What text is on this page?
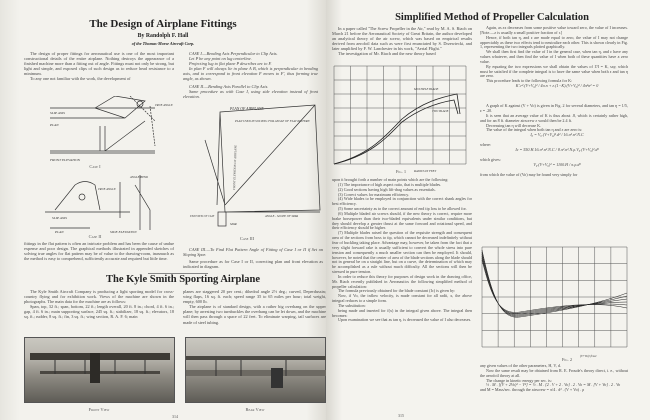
The Design of Airplane Fittings
By Randolph F. Hall
of the Thomas-Morse Aircraft Corp.

The design of proper fittings for aeronautical use is one of the most important constructional details of the entire airplane. Nothing destroys the appearance of a finished machine more than a fitting out of angle. Fittings must not only be strong, but light and simple, and exposed clips of such design as to reduce head resistance to a minimum.

To any one not familiar with the work, the development of

CASE I.—Bending Axis Perpendicular to Clip Axis.

Let P be any point on lug centerline.

Projecting lug to flat plane P describes arc to F.

In plan F will always lie in plane A B, which is perpendicular to bending axis, and to correspond to front elevation F moves to F', thus forming true angle, as shown.

CASE II.—Bending Axis Parallel to Clip Axis.

Same procedure as with Case I, using side elevation instead of front elevation.

SLIP AXIS
PLAN
FRONT ELEVATION
TRUE ANGLE
Case I
SLIP AXIS
PLAN	SIDE ELEVATION
ANGLE BEND
TRUE ANGLE
Case II
PLAN OF AIRPLANE
PLAN USED IN SOLVING FOR ANGLE OF FLAT PATTERN
ANGLE - SLOPE OF SPAR
SPAR
END VIEW OF CLIP
FRONT ELEVATION OF AIRPLANE
Case III

fittings in the flat pattern is often an intricate problem and has been the cause of undue expense and poor design. The graphical methods illustrated in appended sketches of solving true angles for flat pattern may be of value to the drawing-room, inasmuch as the method is easy to comprehend, sufficiently accurate and required but little time.

CASE III.—To Find Flat Pattern Angle of Fitting of Case I or II if Set on Sloping Spar.

Same procedure as for Case I or II, correcting plan and front elevation as indicated in diagram.

The Kyle Smith Sporting Airplane

The Kyle Smith Aircraft Company is producing a light sporting model for cross-country flying and for exhibition work. Views of the machine are shown in the photographs. The main data for the machine are as follows:

Span, top, 32 ft.; span, bottom, 22 ft.; length overall, 20 ft. 8 in.; chord, 4 ft. 6 in.; gap, 4 ft. 6 in.; main supporting surface, 245 sq. ft.; stabilizer, 18 sq. ft.; elevators, 18 sq. ft.; rudder, 8 sq. ft.; fin, 3 sq. ft.; wing section, R. A. F. 6; main

planes are staggered 20 per cent.; dihedral angle 2½ deg.; curved, Deperdussin; wing flaps, 16 sq. ft. each; speed range 35 to 65 miles per hour; total weight, empty, 600 lb.

The airplane is of standard design, with a rather big overhang on the upper plane; by arresting two turnbuckles the overhang can be let down, and the machine will then pass through a space of 22 feet. To eliminate warping, tail surfaces are made of steel tubing.

Front View	Rear View
314
Simplified Method of Propeller Calculation

In a paper called "The Screw Propeller in the Air," read by M. A. S. Riach on March 21 before the Aeronautical Society of Great Britain, the author developed an analytical theory of the air screw, which was based on empirical results derived from aerofoil data such as were first enunciated by S. Drzewiecki, and later amplified by F. W. Lanchester in his work, "Aerial Flight."

The investigation of Mr. Riach and the new theory based

MULTIPLE BLADE
TWO BLADE
RADIUS IN FEET
Fig. 1

upon it brought forth a number of main points which are the following:

(1) The importance of high aspect ratio, that is multiple blades.

(2) Good sections having high lift-drag values as essentials.

(3) Correct values for maximum efficiency.

(4) Wide blades to be employed in conjunction with the correct shank angles for best efficiency.

(5) Some uncertainty as to the correct amount of end tip loss to be allowed for.

(6) Multiple bladed air screws should, if the new theory is correct, require more brake horsepower than their two-bladed equivalents under similar conditions, but they should develop a greater thrust at the same forward and rotational speed, and their efficiency should be higher.

(7) Multiple blades raised the question of the requisite strength and consequent area of the sections from boss to tip, which cannot be decreased indefinitely without fear of buckling taking place. Advantage may, however, be taken from the fact that a very slight forward rake is usually sufficient to convert the whole stress into pure tension and consequently a much smaller section can then be employed. It should, however, be noted that the center of area of the blade sections along the blade should not in general be on a straight line, but on a curve, the determination of which may be accomplished as a rule without much difficulty. All the sections will then be stressed in pure tension.

In order to reduce this theory for purposes of design work in the drawing office, Mr. Riach recently published in Aeronautics the following simplified method of propeller calculation:

The formula previously obtained for the blade constant (Ic) is given by:

Now, if Vo, the inflow velocity, is made constant for all radii, x, the above integral reduces to a simple form.

The substitution:

being made and inserted for f(x) in the integral given above. The integral then becomes:

Upon examination we see that as tan η, is decreased the value of I also decreases.

315

Again, as εx decreases from some positive value toward zero, the value of I increases. [Note.—ε is usually a small positive fraction of r.]

Hence, if both tan η, and ε are made equal to zero, the value of I may not change appreciably as these two effects tend to neutralize each other. This is shown clearly in Fig. 1, representing the two integrals plotted graphically.

We shall then first find the value of I in the general case, when tan η, and ε have any values whatever, and then find the value of I when both of these quantities have a zero value.

By equating the two expressions we shall obtain the values of I'/I = K, say, which must be satisfied if the complete integral is to have the same value when both ε and tan η are zero.

This procedure leads to the following formula for K:

K′.r².(V+V₀)² / 4π.n + ε.(1−K).(V+V₀)² / 4π²n² = 0

A graph of K against (V + Vo) is given in Fig. 2 for several diameters, and tan η = 1/5, ε = .20.

It is seen that an average value of K is thus about .8, which is certainly rather high, and for an 8 ft. diameter airscrew ε would then be 2.4 ft.

Decreasing tan η will decrease K.

The value of the integral when both tan η and ε are zero is:

I₀ = V₀.(V+V₀)².d² / 16.π².n².N.C

where:

Ic = 550.H.16.π².n².N.C / 8.π².n².N.ρ.V₀.(V+V₀)².d²

which gives:

V₀.(V+V₀)² = 1100.H / π.ρ.d²

from which the value of (Vo) may be found very simply for

(V+Vo)² ft/sec
Fig. 2

any given values of the other parameters, H, V, d.

Now the same result may be obtained from R. E. Froude's theory direct, i. e., without the aerofoil theory at all.

The change in kinetic energy per sec. is:

½ . M . [(V + 2Vo)² − V²] = ½ . M . [2 . V + 2 . Vo] . 2 . Vo = M . [V + Vo] . 2 . Vo

and M = Mass/sec. through the airscrew = π/4 . d² . (V + Vo) . ρ
